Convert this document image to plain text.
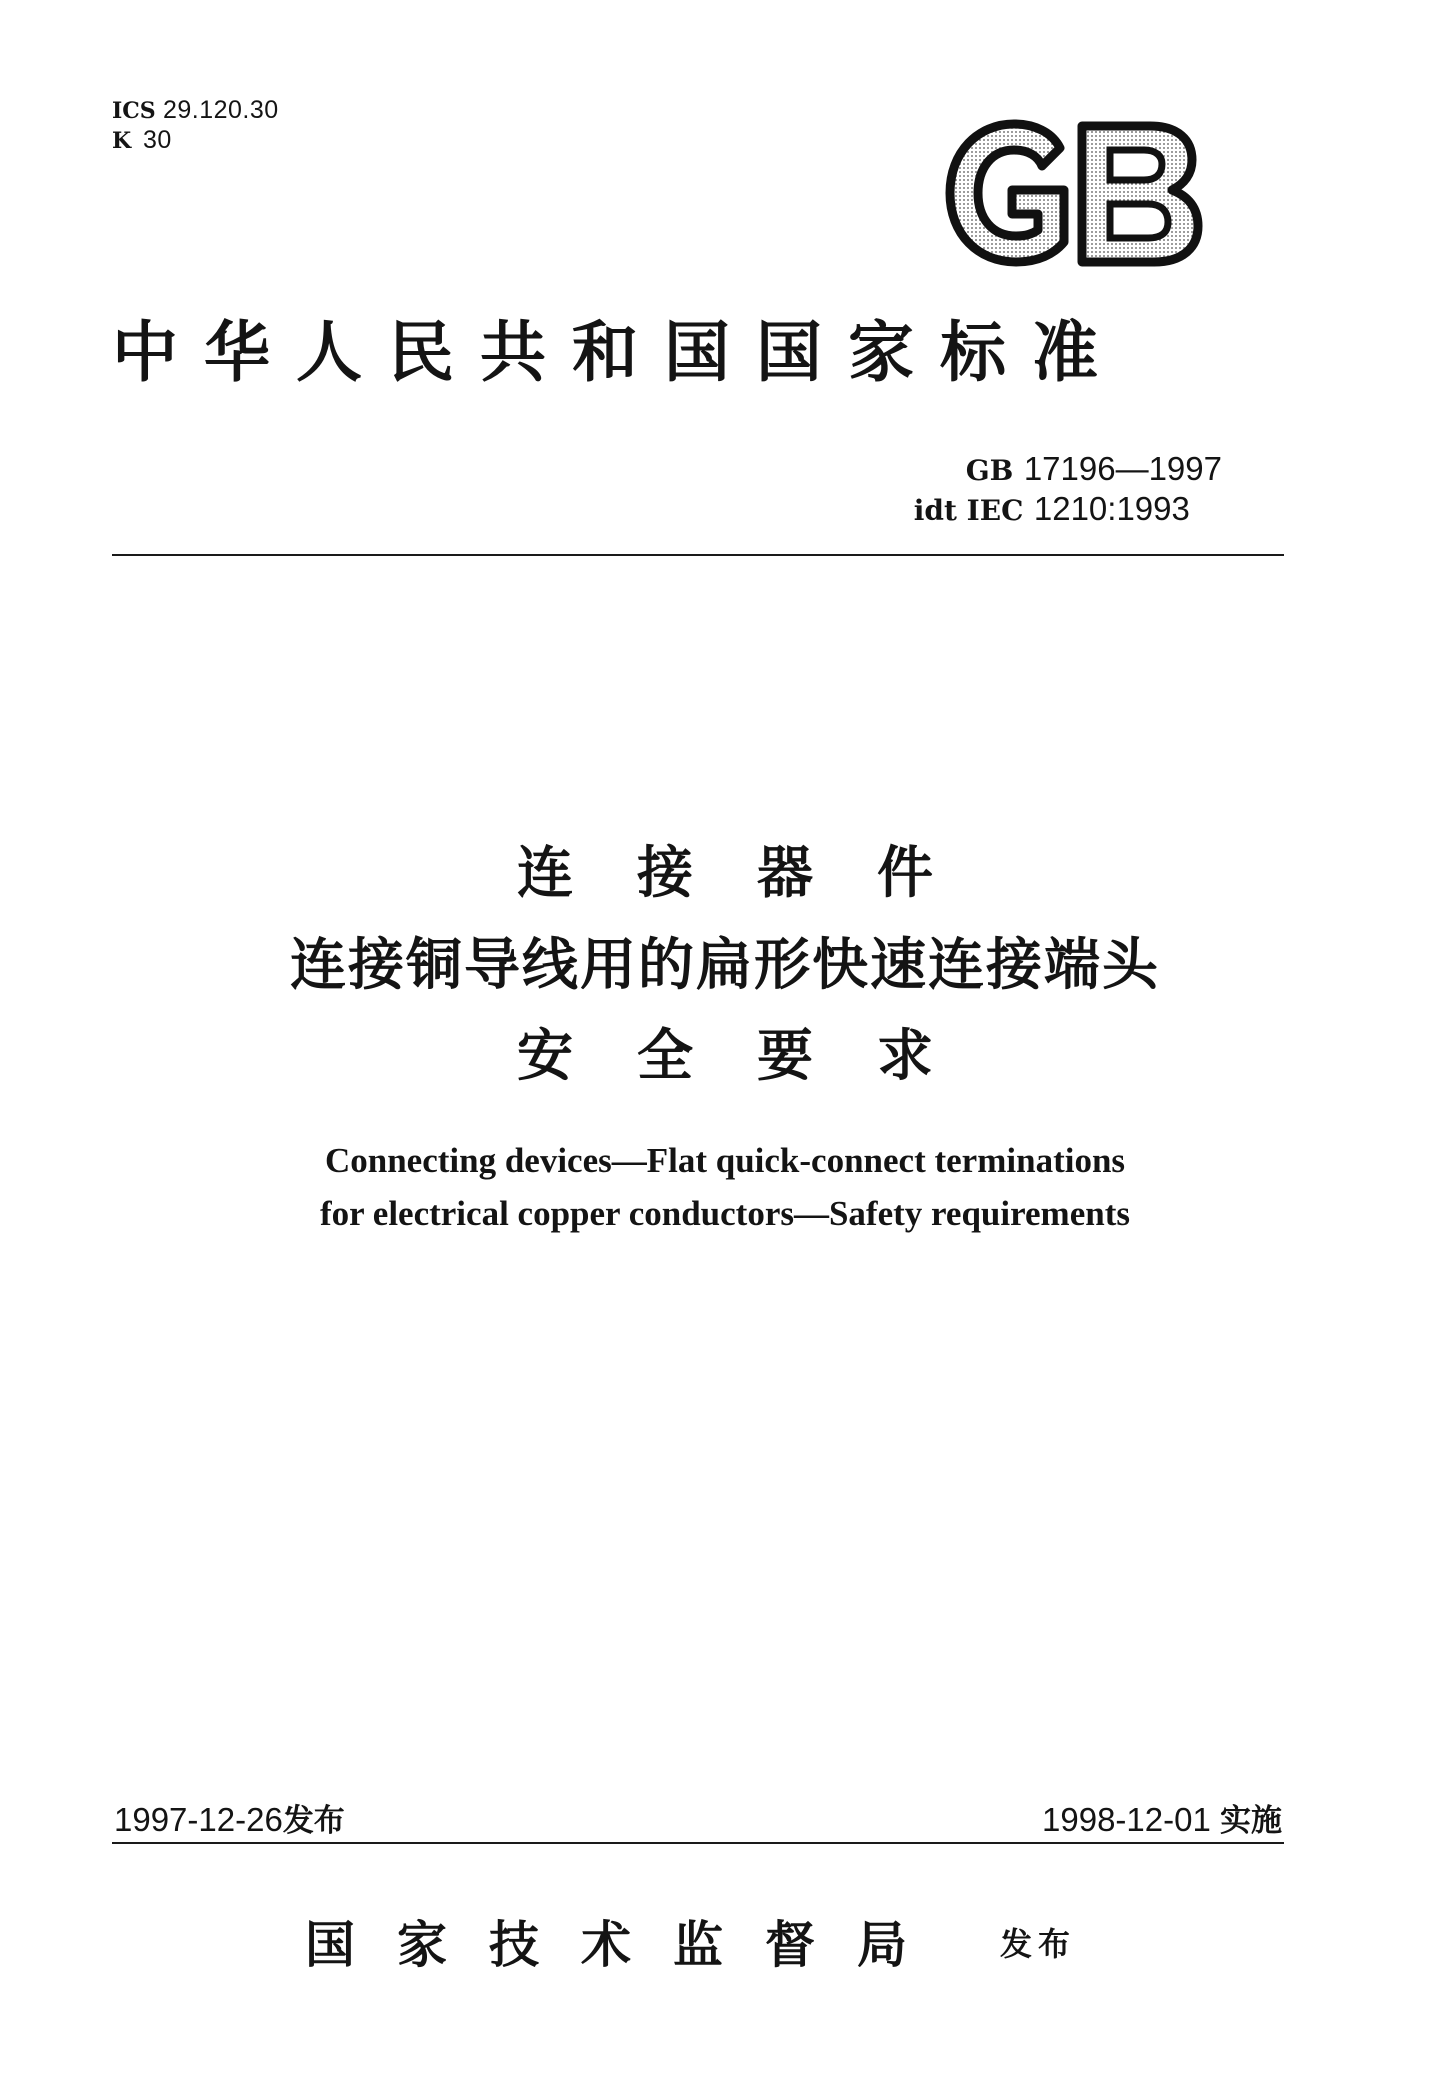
ICS 29.120.30
K 30
中华人民共和国国家标准
GB 17196—1997
idt IEC 1210:1993
连接器件
连接铜导线用的扁形快速连接端头
安全要求
Connecting devices—Flat quick-connect terminations
for electrical copper conductors—Safety requirements
1997-12-26发布	1998-12-01 实施
国家技术监督局 发布
